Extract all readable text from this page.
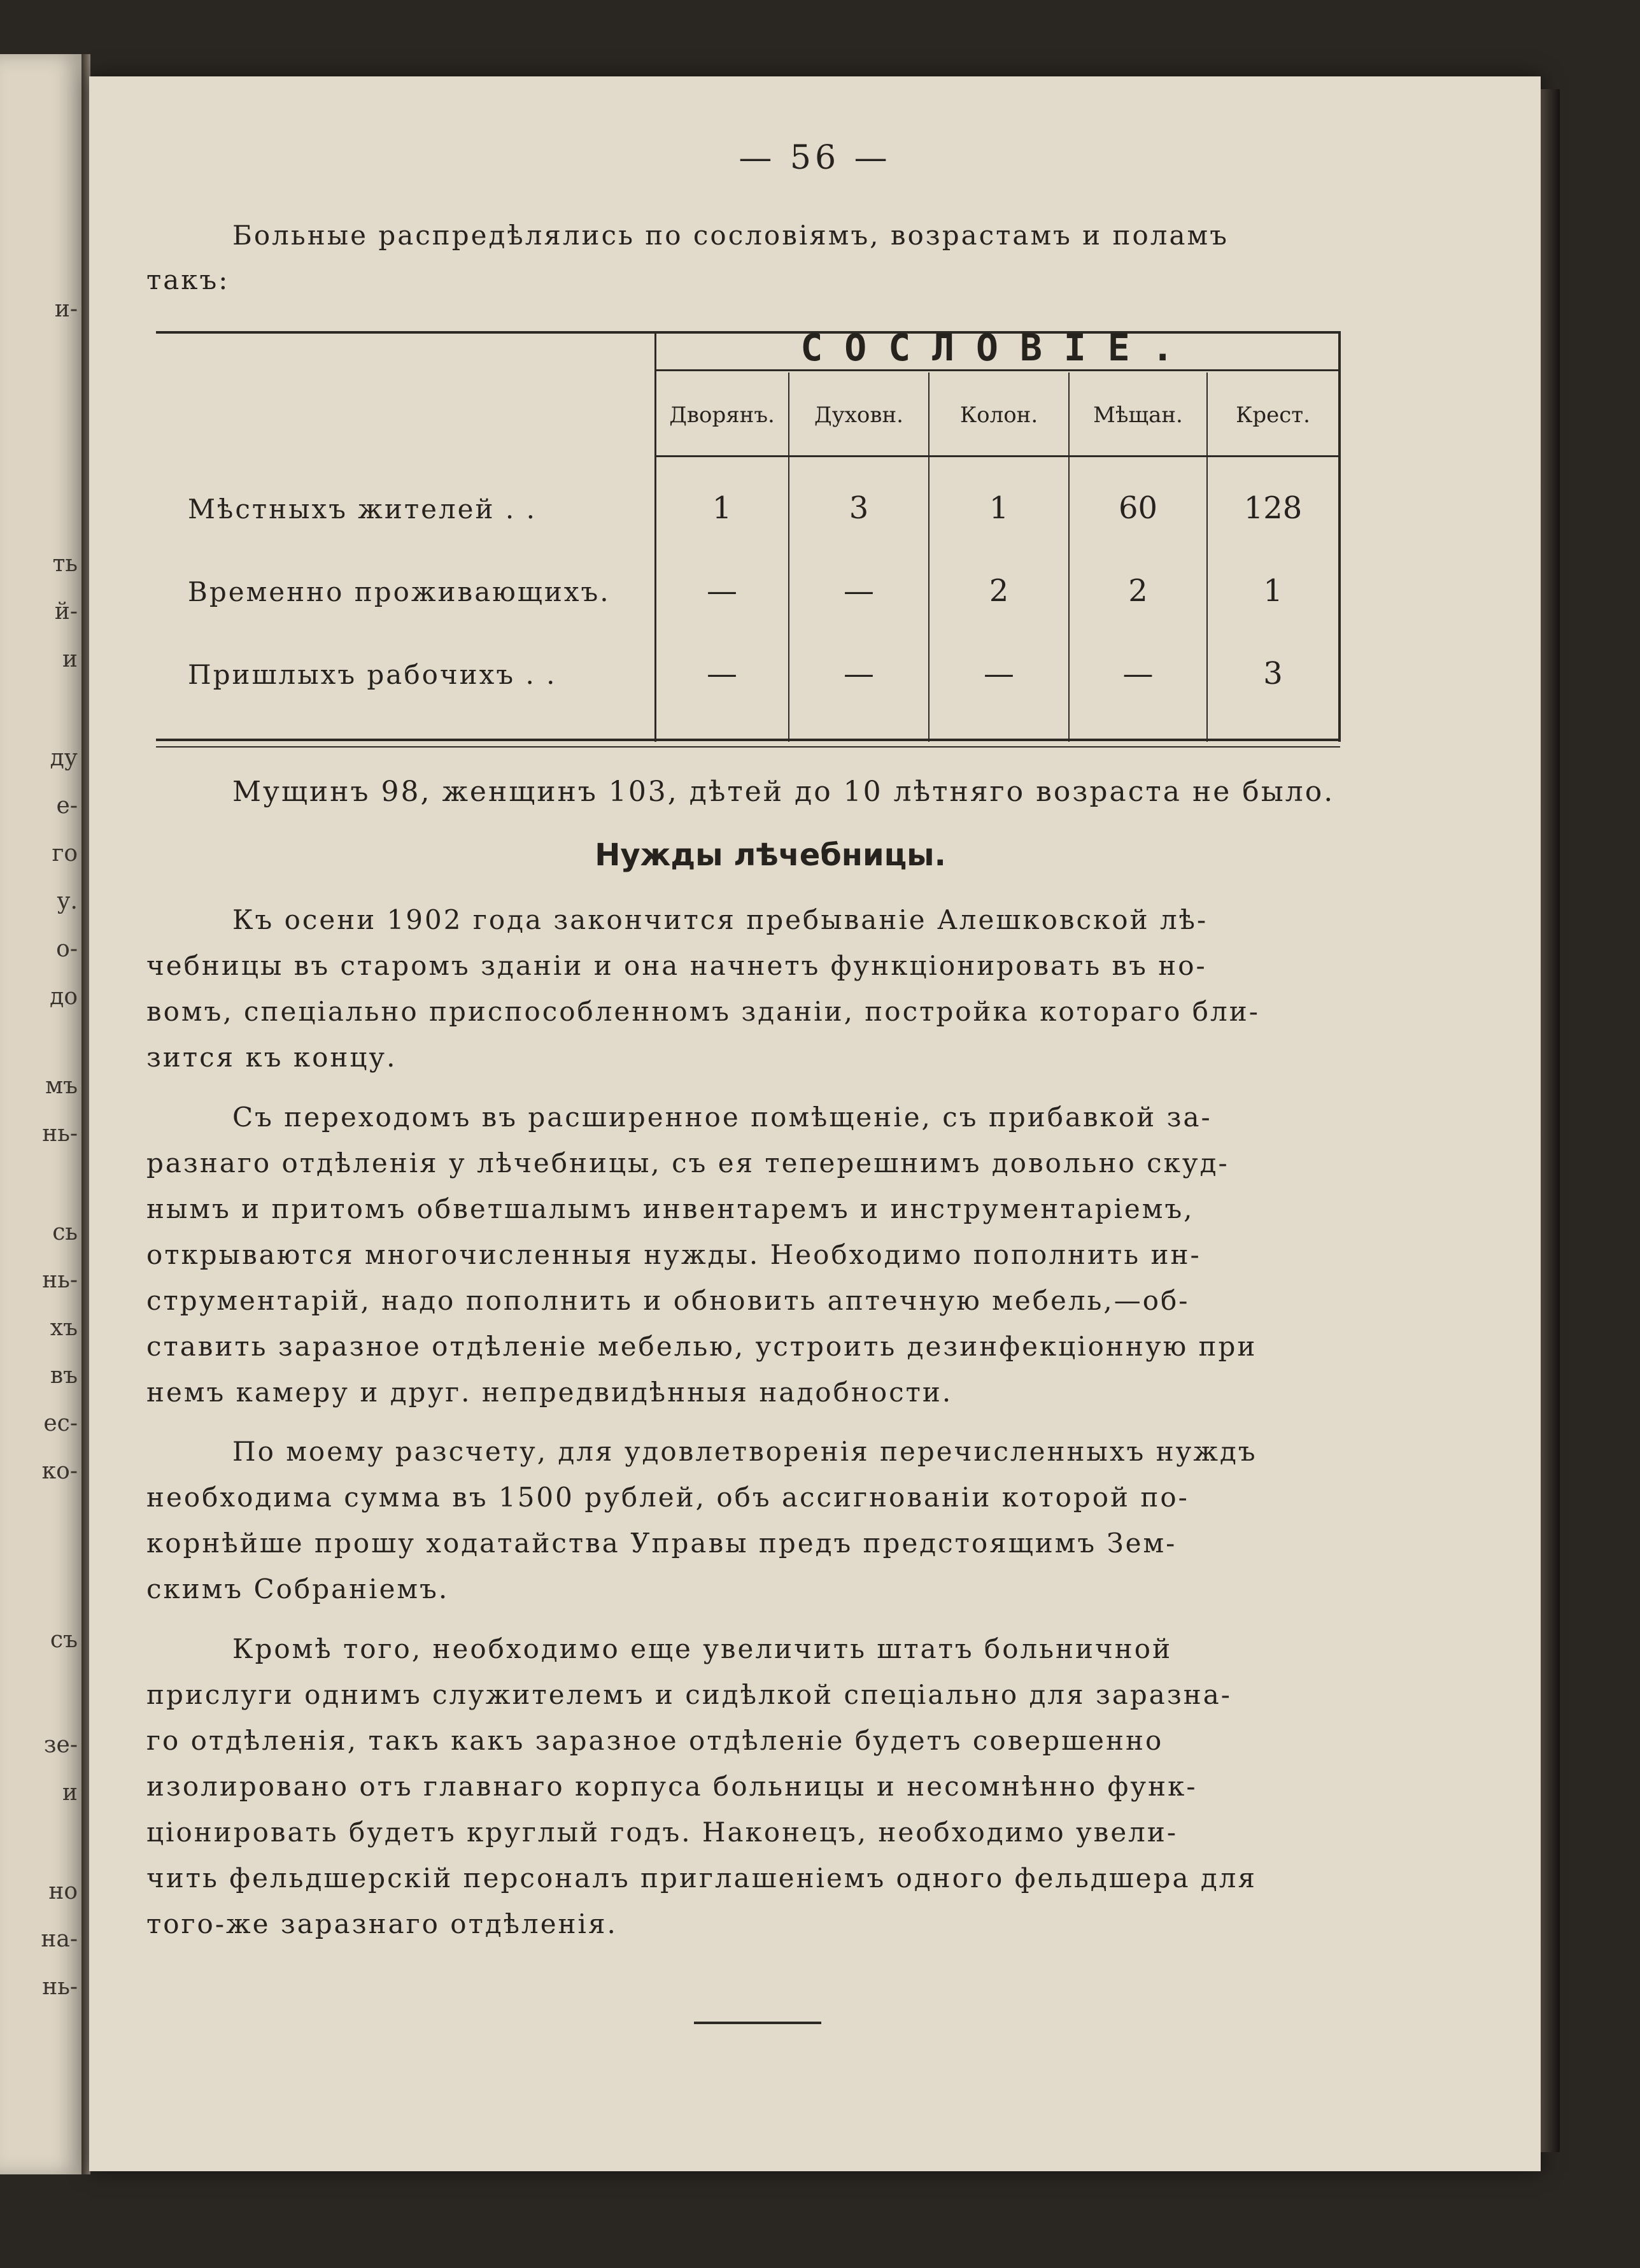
и-
ть
й-
и
ду
е-
го
у.
о-
до
мъ
нь-
сь
нь-
хъ
въ
ес-
ко-
съ
зе-
и
но
на-
нь-
— 56 —
Больные распредѣлялись по сословіямъ, возрастамъ и поламъ
такъ:
СОСЛОВІЕ.
Дворянъ.	Духовн.	Колон.	Мѣщан.	Крест.
Мѣстныхъ жителей . .	1	3	1	60	128
Временно проживающихъ.	—	—	2	2	1
Пришлыхъ рабочихъ . .	—	—	—	—	3
Мущинъ 98, женщинъ 103, дѣтей до 10 лѣтняго возраста не было.
Нужды лѣчебницы.
Къ осени 1902 года закончится пребываніе Алешковской лѣ-
чебницы въ старомъ зданіи и она начнетъ функціонировать въ но-
вомъ, спеціально приспособленномъ зданіи, постройка котораго бли-
зится къ концу.
Съ переходомъ въ расширенное помѣщеніе, съ прибавкой за-
разнаго отдѣленія у лѣчебницы, съ ея теперешнимъ довольно скуд-
нымъ и притомъ обветшалымъ инвентаремъ и инструментаріемъ,
открываются многочисленныя нужды. Необходимо пополнить ин-
струментарій, надо пополнить и обновить аптечную мебель,—об-
ставить заразное отдѣленіе мебелью, устроить дезинфекціонную при
немъ камеру и друг. непредвидѣнныя надобности.
По моему разсчету, для удовлетворенія перечисленныхъ нуждъ
необходима сумма въ 1500 рублей, объ ассигнованіи которой по-
корнѣйше прошу ходатайства Управы предъ предстоящимъ Зем-
скимъ Собраніемъ.
Кромѣ того, необходимо еще увеличить штатъ больничной
прислуги однимъ служителемъ и сидѣлкой спеціально для заразна-
го отдѣленія, такъ какъ заразное отдѣленіе будетъ совершенно
изолировано отъ главнаго корпуса больницы и несомнѣнно функ-
ціонировать будетъ круглый годъ. Наконецъ, необходимо увели-
чить фельдшерскій персоналъ приглашеніемъ одного фельдшера для
того-же заразнаго отдѣленія.
